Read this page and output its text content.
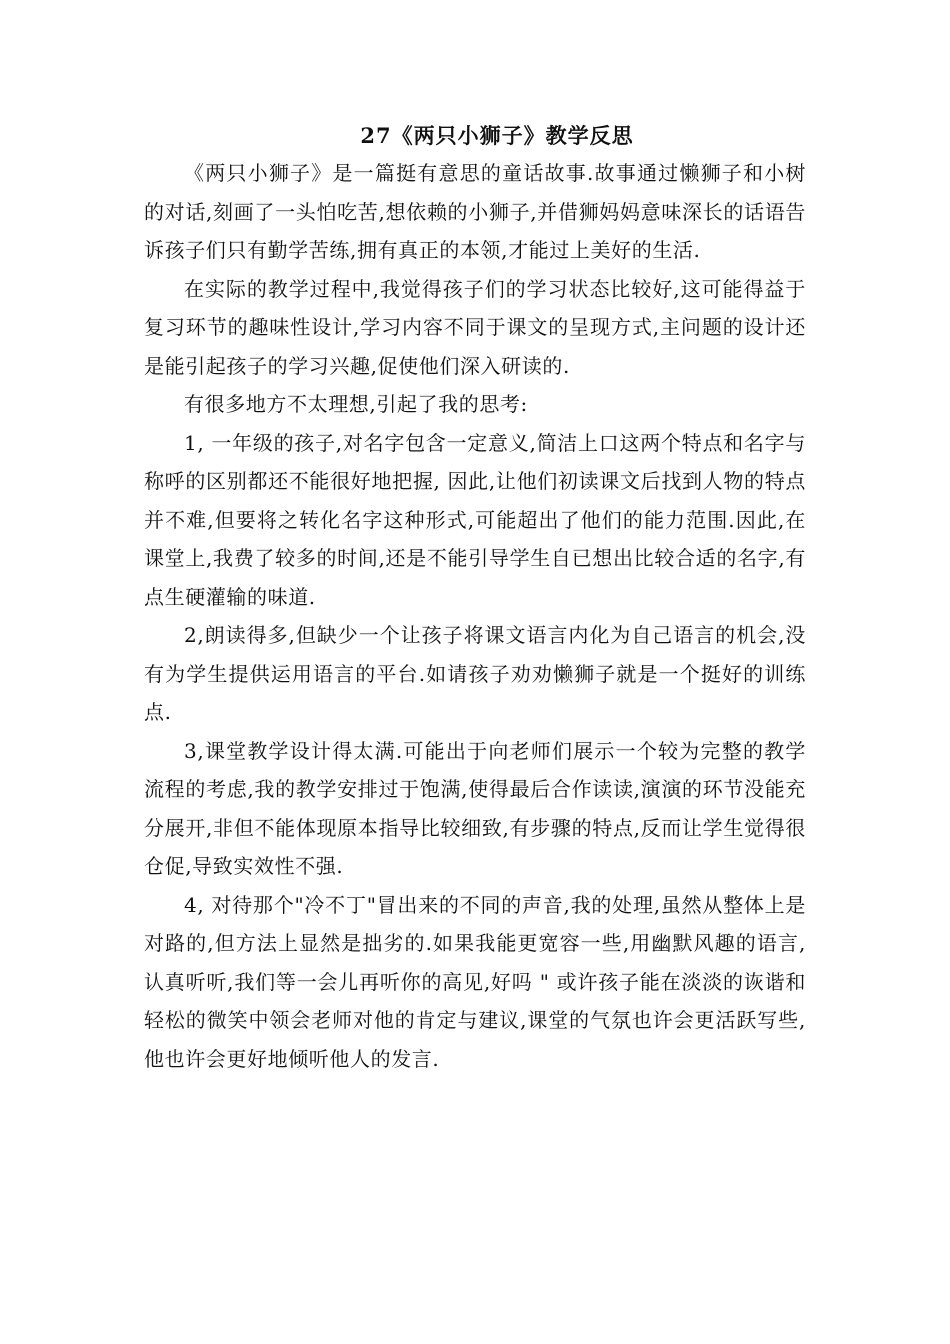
27《两只小狮子》教学反思

《两只小狮子》是一篇挺有意思的童话故事.故事通过懒狮子和小树的对话,刻画了一头怕吃苦,想依赖的小狮子,并借狮妈妈意味深长的话语告诉孩子们只有勤学苦练,拥有真正的本领,才能过上美好的生活.

在实际的教学过程中,我觉得孩子们的学习状态比较好,这可能得益于复习环节的趣味性设计,学习内容不同于课文的呈现方式,主问题的设计还是能引起孩子的学习兴趣,促使他们深入研读的.

有很多地方不太理想,引起了我的思考:

1, 一年级的孩子,对名字包含一定意义,简洁上口这两个特点和名字与称呼的区别都还不能很好地把握, 因此,让他们初读课文后找到人物的特点并不难,但要将之转化名字这种形式,可能超出了他们的能力范围.因此,在课堂上,我费了较多的时间,还是不能引导学生自已想出比较合适的名字,有点生硬灌输的味道.

2,朗读得多,但缺少一个让孩子将课文语言内化为自己语言的机会,没有为学生提供运用语言的平台.如请孩子劝劝懒狮子就是一个挺好的训练点.

3,课堂教学设计得太满.可能出于向老师们展示一个较为完整的教学流程的考虑,我的教学安排过于饱满,使得最后合作读读,演演的环节没能充分展开,非但不能体现原本指导比较细致,有步骤的特点,反而让学生觉得很仓促,导致实效性不强.

4, 对待那个"冷不丁"冒出来的不同的声音,我的处理,虽然从整体上是对路的,但方法上显然是拙劣的.如果我能更宽容一些,用幽默风趣的语言,认真听听,我们等一会儿再听你的高见,好吗 " 或许孩子能在淡淡的诙谐和轻松的微笑中领会老师对他的肯定与建议,课堂的气氛也许会更活跃写些,他也许会更好地倾听他人的发言.
